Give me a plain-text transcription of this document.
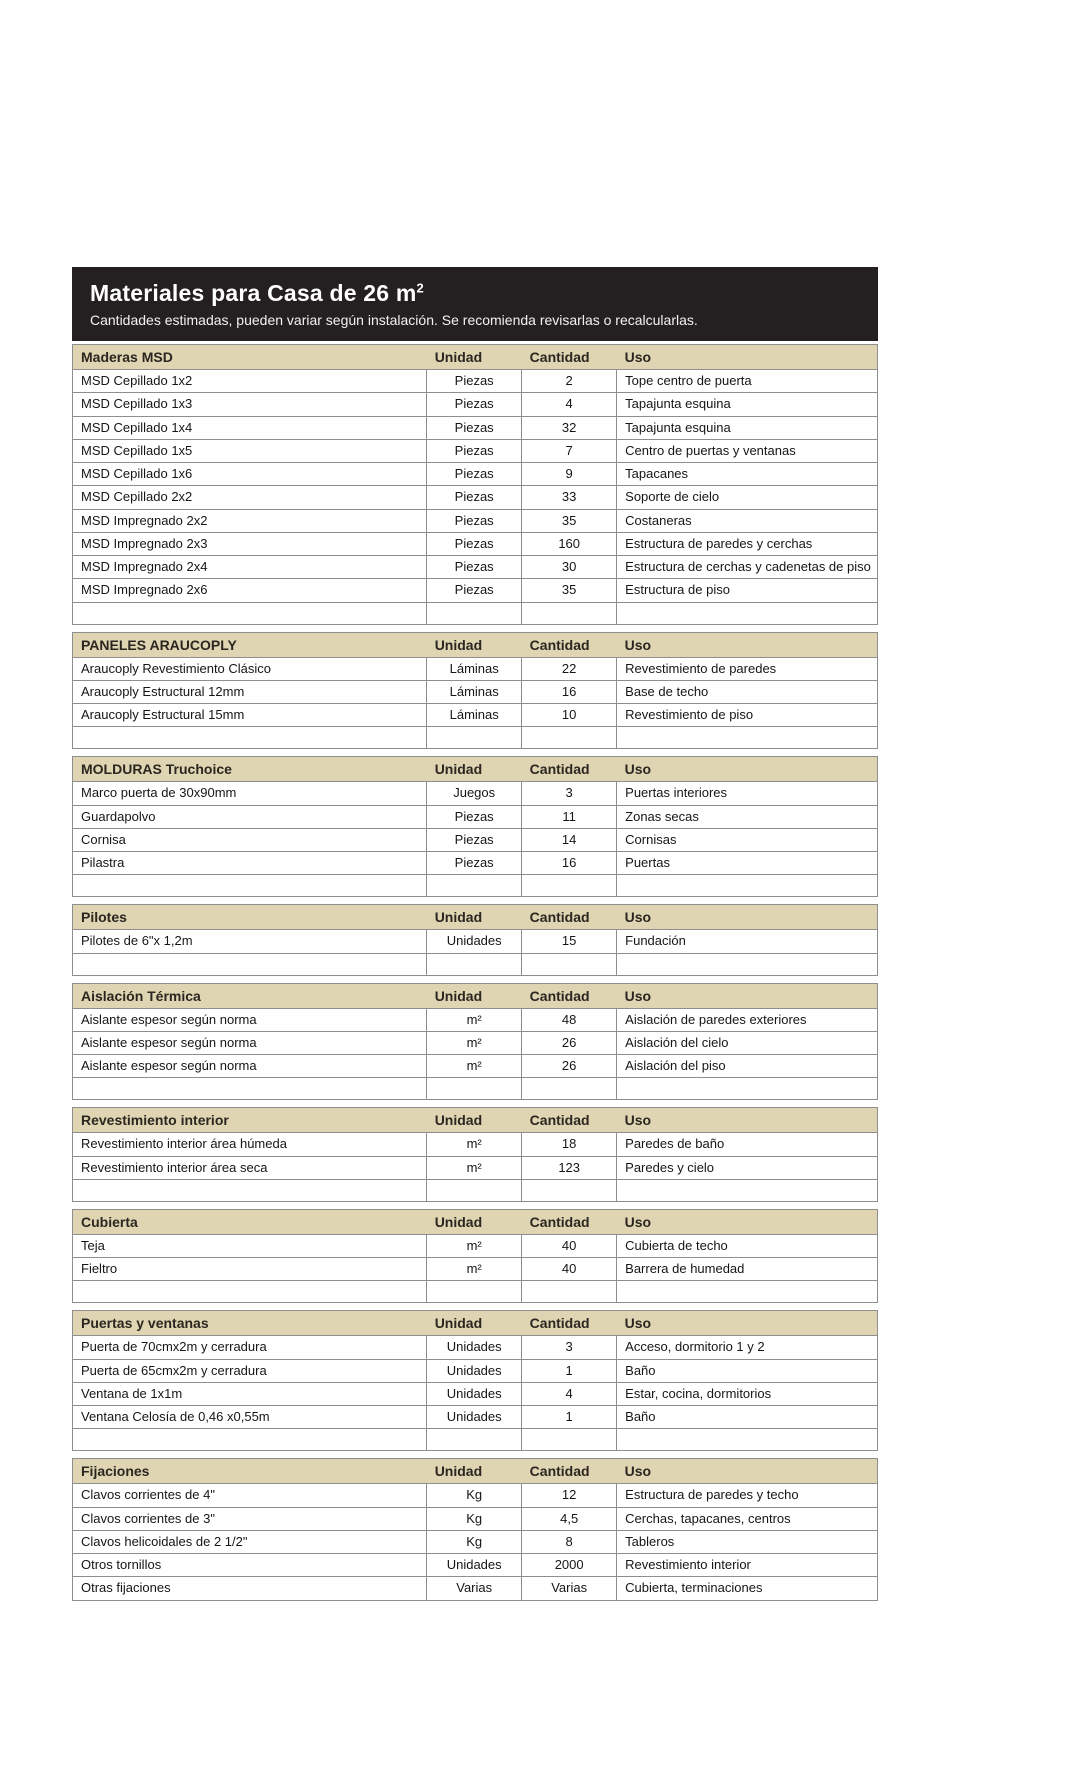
Materiales para Casa de 26 $m^2$
Cantidades estimadas, pueden variar según instalación. Se recomienda revisarlas o recalcularlas.
Maderas MSD	Unidad	Cantidad	Uso
MSD Cepillado 1x2	Piezas	2	Tope centro de puerta
MSD Cepillado 1x3	Piezas	4	Tapajunta esquina
MSD Cepillado 1x4	Piezas	32	Tapajunta esquina
MSD Cepillado 1x5	Piezas	7	Centro de puertas y ventanas
MSD Cepillado 1x6	Piezas	9	Tapacanes
MSD Cepillado 2x2	Piezas	33	Soporte de cielo
MSD Impregnado 2x2	Piezas	35	Costaneras
MSD Impregnado 2x3	Piezas	160	Estructura de paredes y cerchas
MSD Impregnado 2x4	Piezas	30	Estructura de cerchas y cadenetas de piso
MSD Impregnado 2x6	Piezas	35	Estructura de piso

PANELES ARAUCOPLY	Unidad	Cantidad	Uso
Araucoply Revestimiento Clásico	Láminas	22	Revestimiento de paredes
Araucoply Estructural 12mm	Láminas	16	Base de techo
Araucoply Estructural 15mm	Láminas	10	Revestimiento de piso

MOLDURAS Truchoice	Unidad	Cantidad	Uso
Marco puerta de 30x90mm	Juegos	3	Puertas interiores
Guardapolvo	Piezas	11	Zonas secas
Cornisa	Piezas	14	Cornisas
Pilastra	Piezas	16	Puertas

Pilotes	Unidad	Cantidad	Uso
Pilotes de 6"x 1,2m	Unidades	15	Fundación

Aislación Térmica	Unidad	Cantidad	Uso
Aislante espesor según norma	m²	48	Aislación de paredes exteriores
Aislante espesor según norma	m²	26	Aislación del cielo
Aislante espesor según norma	m²	26	Aislación del piso

Revestimiento interior	Unidad	Cantidad	Uso
Revestimiento interior área húmeda	m²	18	Paredes de baño
Revestimiento interior área seca	m²	123	Paredes y cielo

Cubierta	Unidad	Cantidad	Uso
Teja	m²	40	Cubierta de techo
Fieltro	m²	40	Barrera de humedad

Puertas y ventanas	Unidad	Cantidad	Uso
Puerta de 70cmx2m y cerradura	Unidades	3	Acceso, dormitorio 1 y 2
Puerta de 65cmx2m y cerradura	Unidades	1	Baño
Ventana de 1x1m	Unidades	4	Estar, cocina, dormitorios
Ventana Celosía de 0,46 x0,55m	Unidades	1	Baño

Fijaciones	Unidad	Cantidad	Uso
Clavos corrientes de 4"	Kg	12	Estructura de paredes y techo
Clavos corrientes de 3"	Kg	4,5	Cerchas, tapacanes, centros
Clavos helicoidales de 2 1/2"	Kg	8	Tableros
Otros tornillos	Unidades	2000	Revestimiento interior
Otras fijaciones	Varias	Varias	Cubierta, terminaciones
